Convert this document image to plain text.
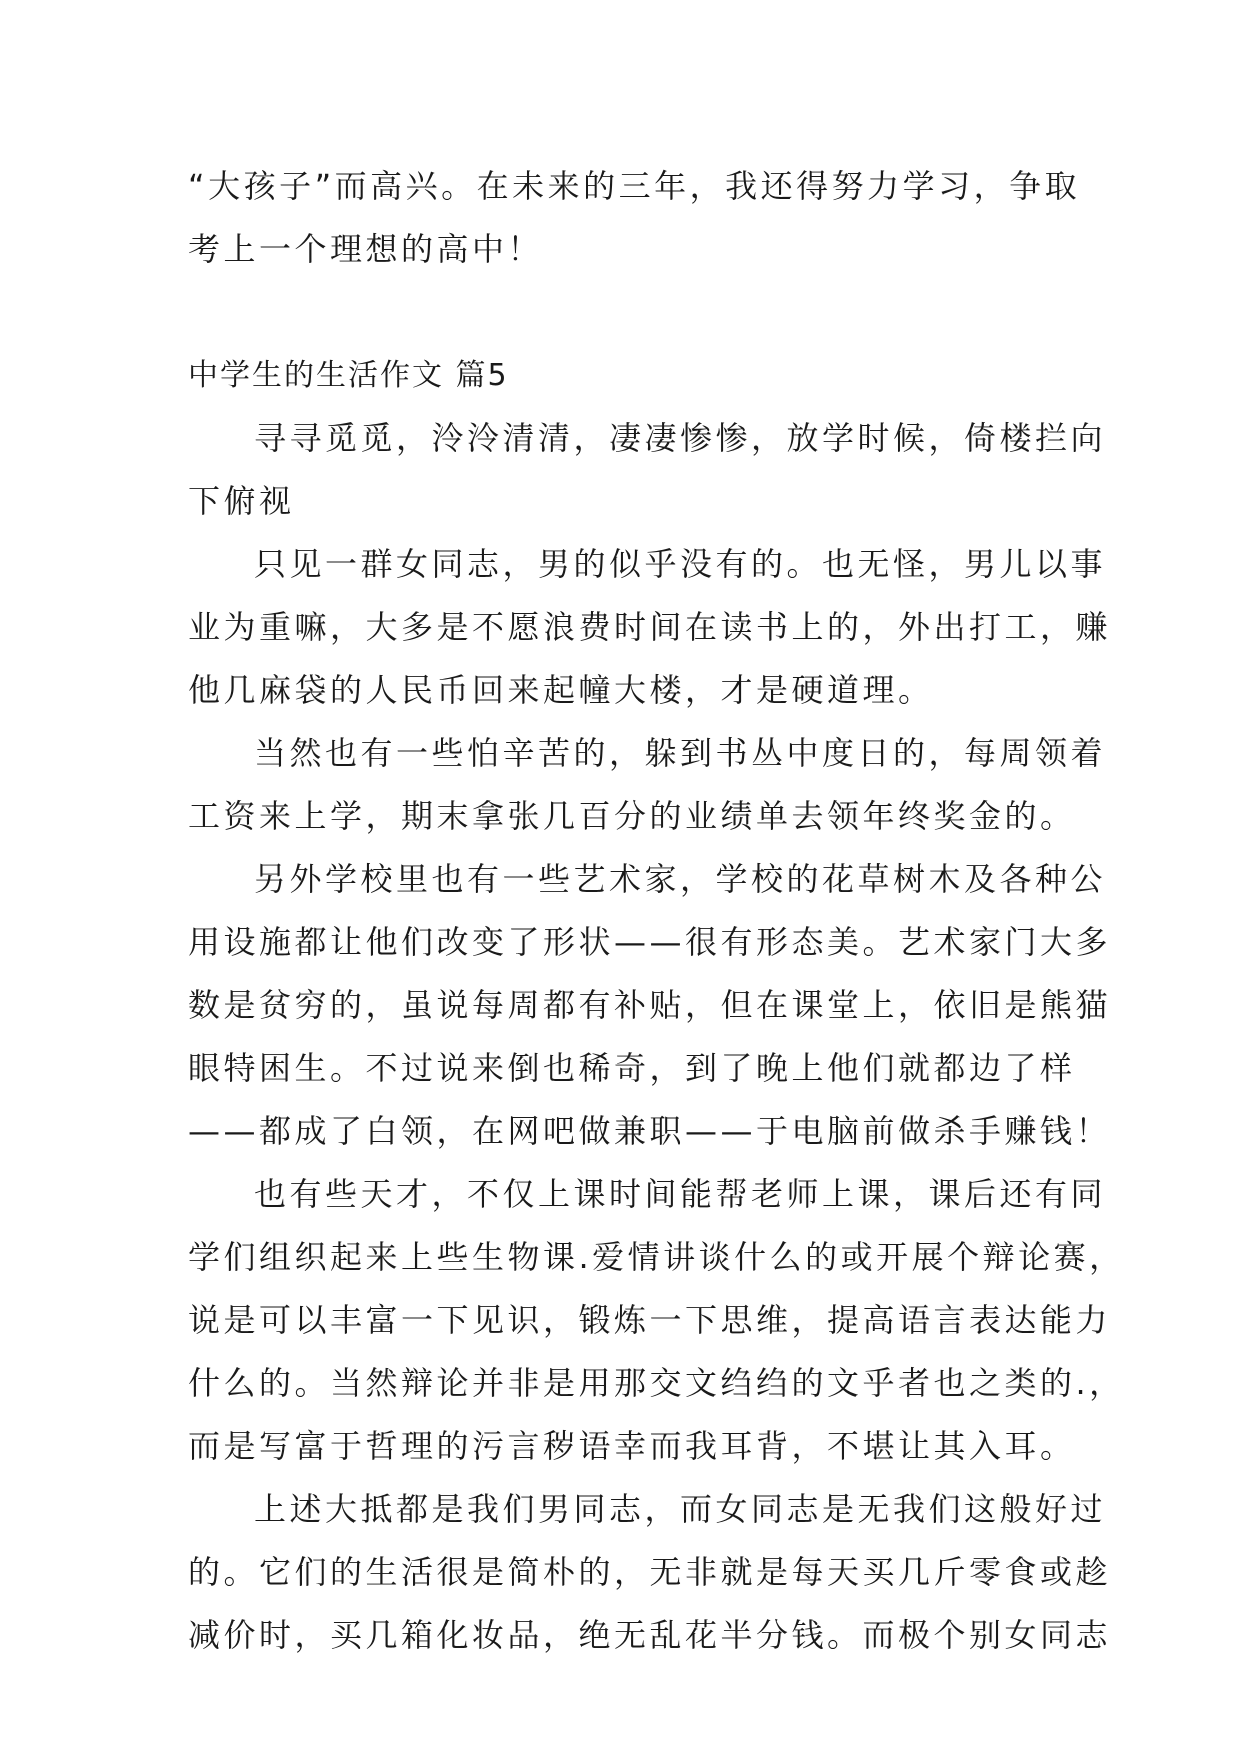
“大孩子”而高兴。在未来的三年，我还得努力学习，争取
考上一个理想的高中！
中学生的生活作文 篇5
寻寻觅觅，泠泠清清，凄凄惨惨，放学时候，倚楼拦向
下俯视
只见一群女同志，男的似乎没有的。也无怪，男儿以事
业为重嘛，大多是不愿浪费时间在读书上的，外出打工，赚
他几麻袋的人民币回来起幢大楼，才是硬道理。
当然也有一些怕辛苦的，躲到书丛中度日的，每周领着
工资来上学，期末拿张几百分的业绩单去领年终奖金的。
另外学校里也有一些艺术家，学校的花草树木及各种公
用设施都让他们改变了形状——很有形态美。艺术家门大多
数是贫穷的，虽说每周都有补贴，但在课堂上，依旧是熊猫
眼特困生。不过说来倒也稀奇，到了晚上他们就都边了样
——都成了白领，在网吧做兼职——于电脑前做杀手赚钱！
也有些天才，不仅上课时间能帮老师上课，课后还有同
学们组织起来上些生物课.爱情讲谈什么的或开展个辩论赛，
说是可以丰富一下见识，锻炼一下思维，提高语言表达能力
什么的。当然辩论并非是用那交文绉绉的文乎者也之类的.，
而是写富于哲理的污言秽语幸而我耳背，不堪让其入耳。
上述大抵都是我们男同志，而女同志是无我们这般好过
的。它们的生活很是简朴的，无非就是每天买几斤零食或趁
减价时，买几箱化妆品，绝无乱花半分钱。而极个别女同志
